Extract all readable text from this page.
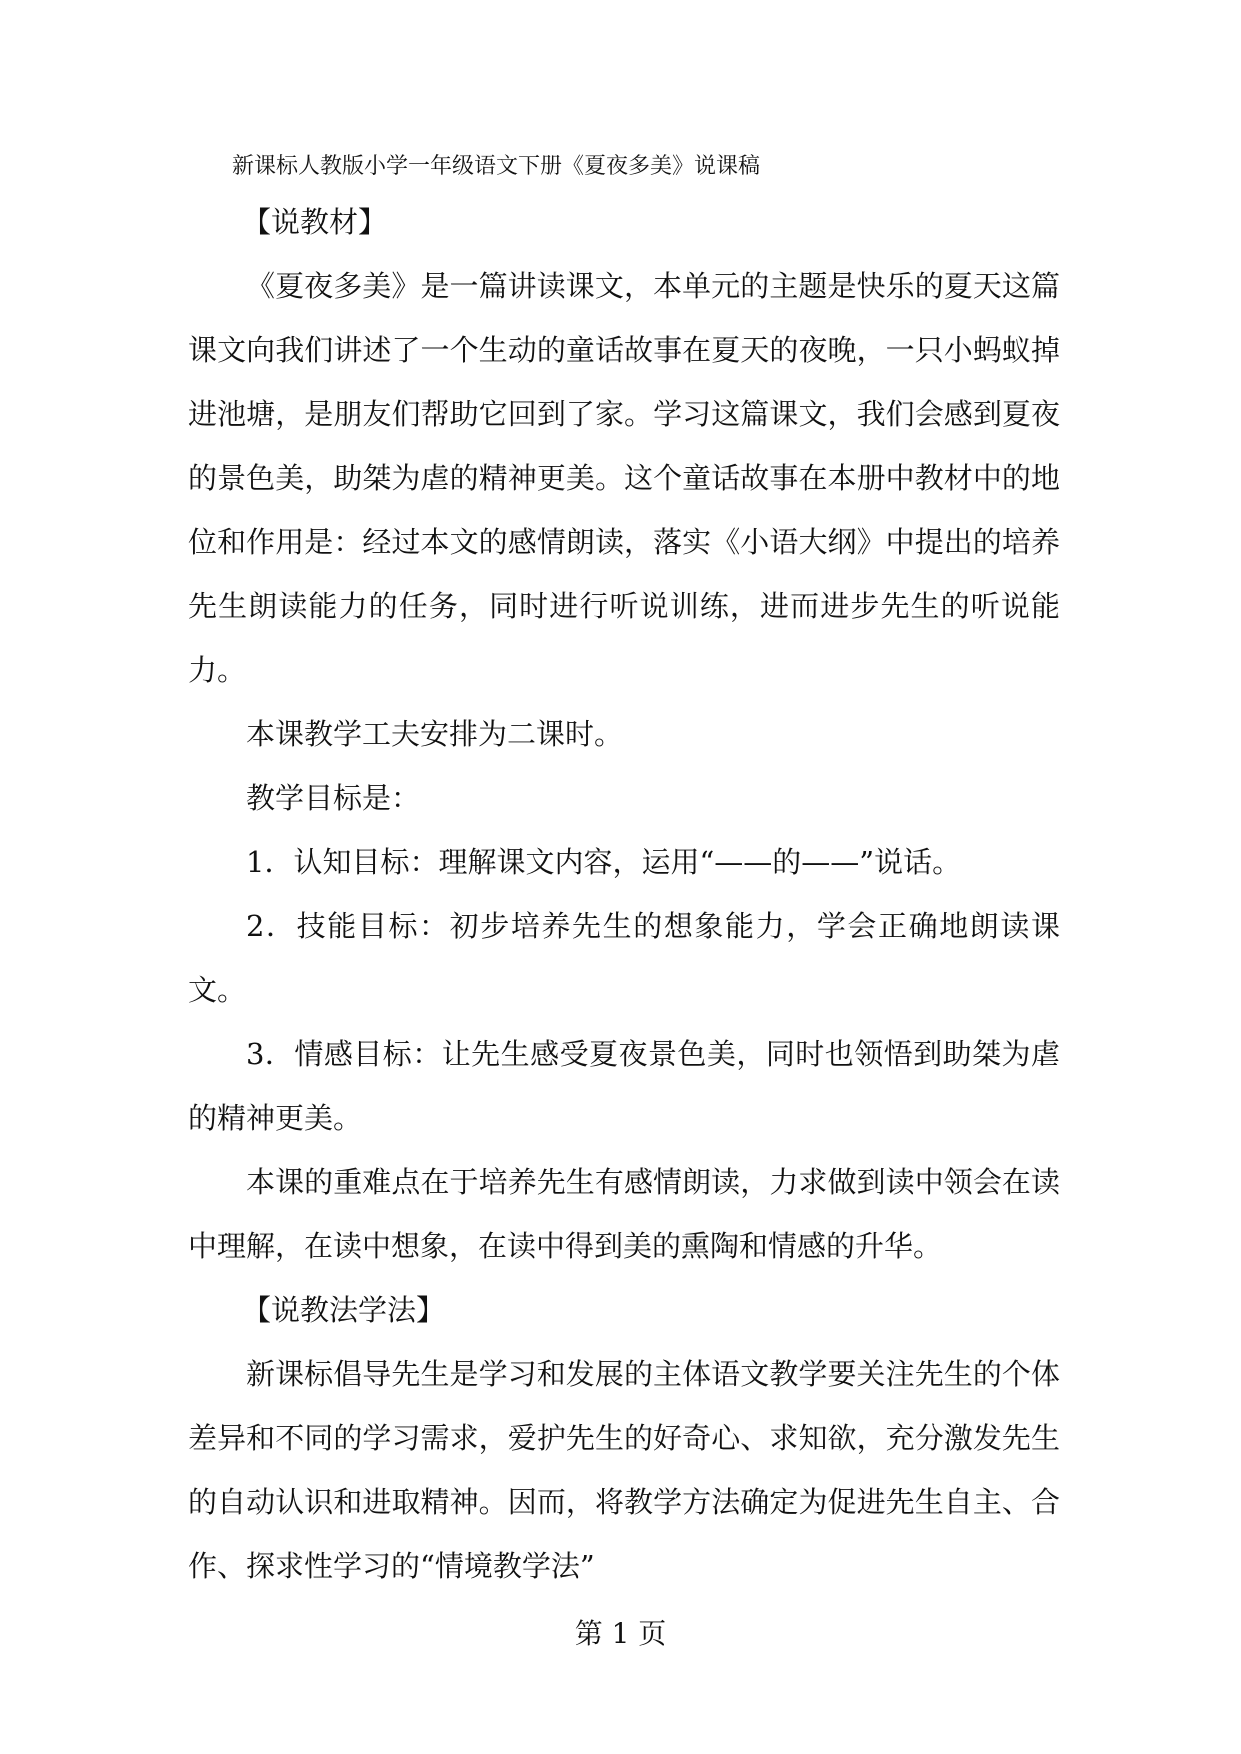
新课标人教版小学一年级语文下册《夏夜多美》说课稿

【说教材】

《夏夜多美》是一篇讲读课文，本单元的主题是快乐的夏天这篇课文向我们讲述了一个生动的童话故事在夏天的夜晚，一只小蚂蚁掉进池塘，是朋友们帮助它回到了家。学习这篇课文，我们会感到夏夜的景色美，助桀为虐的精神更美。这个童话故事在本册中教材中的地位和作用是：经过本文的感情朗读，落实《小语大纲》中提出的培养先生朗读能力的任务，同时进行听说训练，进而进步先生的听说能力。

本课教学工夫安排为二课时。

教学目标是：

1．认知目标：理解课文内容，运用“——的——”说话。

2．技能目标：初步培养先生的想象能力，学会正确地朗读课文。

3．情感目标：让先生感受夏夜景色美，同时也领悟到助桀为虐的精神更美。

本课的重难点在于培养先生有感情朗读，力求做到读中领会在读中理解，在读中想象，在读中得到美的熏陶和情感的升华。

【说教法学法】

新课标倡导先生是学习和发展的主体语文教学要关注先生的个体差异和不同的学习需求，爱护先生的好奇心、求知欲，充分激发先生的自动认识和进取精神。因而，将教学方法确定为促进先生自主、合作、探求性学习的“情境教学法”

第 1 页
